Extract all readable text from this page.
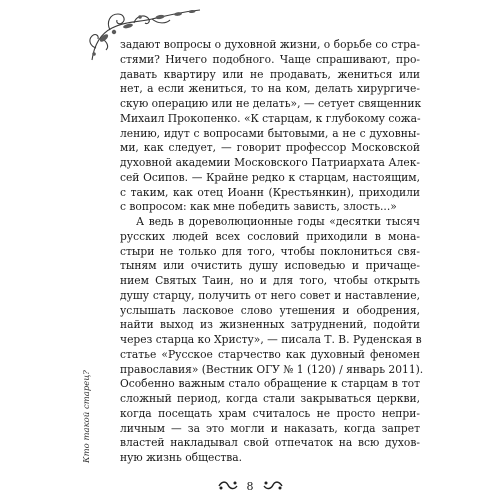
задают вопросы о духовной жизни, о борьбе со стра-
стями? Ничего подобного. Чаще спрашивают, про-
давать квартиру или не продавать, жениться или
нет, а если жениться, то на ком, делать хирургиче-
скую операцию или не делать», — сетует священник
Михаил Прокопенко. «К старцам, к глубокому сожа-
лению, идут с вопросами бытовыми, а не с духовны-
ми, как следует, — говорит профессор Московской
духовной академии Московского Патриархата Алек-
сей Осипов. — Крайне редко к старцам, настоящим,
с таким, как отец Иоанн (Крестьянкин), приходили
с вопросом: как мне победить зависть, злость...»

А ведь в дореволюционные годы «десятки тысяч
русских людей всех сословий приходили в мона-
стыри не только для того, чтобы поклониться свя-
тыням или очистить душу исповедью и причаще-
нием Святых Таин, но и для того, чтобы открыть
душу старцу, получить от него совет и наставление,
услышать ласковое слово утешения и ободрения,
найти выход из жизненных затруднений, подойти
через старца ко Христу», — писала Т. В. Руденская в
статье «Русское старчество как духовный феномен
православия» (Вестник ОГУ № 1 (120) / январь 2011).
Особенно важным стало обращение к старцам в тот
сложный период, когда стали закрываться церкви,
когда посещать храм считалось не просто непри-
личным — за это могли и наказать, когда запрет
властей накладывал свой отпечаток на всю духов-
ную жизнь общества.

Кто такой старец?
8
